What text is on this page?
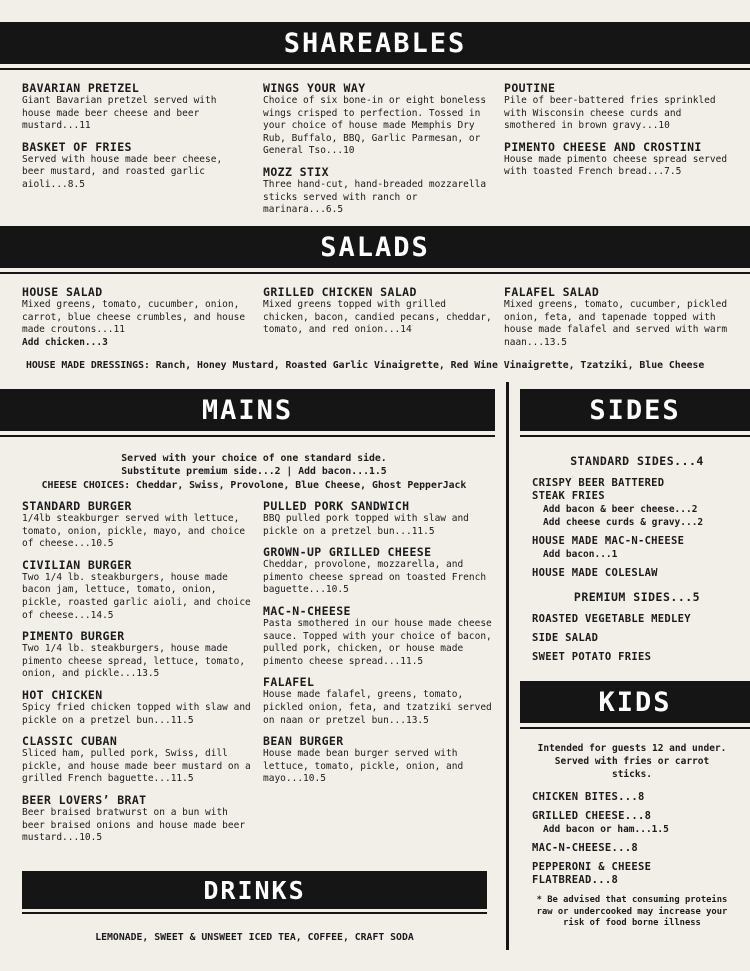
SHAREABLES
BAVARIAN PRETZEL
Giant Bavarian pretzel served with house made beer cheese and beer mustard...11
BASKET OF FRIES
Served with house made beer cheese, beer mustard, and roasted garlic aioli...8.5
WINGS YOUR WAY
Choice of six bone-in or eight boneless wings crisped to perfection. Tossed in your choice of house made Memphis Dry Rub, Buffalo, BBQ, Garlic Parmesan, or General Tso...10
MOZZ STIX
Three hand-cut, hand-breaded mozzarella sticks served with ranch or marinara...6.5
POUTINE
Pile of beer-battered fries sprinkled with Wisconsin cheese curds and smothered in brown gravy...10
PIMENTO CHEESE AND CROSTINI
House made pimento cheese spread served with toasted French bread...7.5
SALADS
HOUSE SALAD
Mixed greens, tomato, cucumber, onion, carrot, blue cheese crumbles, and house made croutons...11
Add chicken...3
GRILLED CHICKEN SALAD
Mixed greens topped with grilled chicken, bacon, candied pecans, cheddar, tomato, and red onion...14
FALAFEL SALAD
Mixed greens, tomato, cucumber, pickled onion, feta, and tapenade topped with house made falafel and served with warm naan...13.5
HOUSE MADE DRESSINGS: Ranch, Honey Mustard, Roasted Garlic Vinaigrette, Red Wine Vinaigrette, Tzatziki, Blue Cheese
MAINS
Served with your choice of one standard side.
Substitute premium side...2 | Add bacon...1.5
CHEESE CHOICES: Cheddar, Swiss, Provolone, Blue Cheese, Ghost PepperJack
STANDARD BURGER
1/4lb steakburger served with lettuce, tomato, onion, pickle, mayo, and choice of cheese...10.5
CIVILIAN BURGER
Two 1/4 lb. steakburgers, house made bacon jam, lettuce, tomato, onion, pickle, roasted garlic aioli, and choice of cheese...14.5
PIMENTO BURGER
Two 1/4 lb. steakburgers, house made pimento cheese spread, lettuce, tomato, onion, and pickle...13.5
HOT CHICKEN
Spicy fried chicken topped with slaw and pickle on a pretzel bun...11.5
CLASSIC CUBAN
Sliced ham, pulled pork, Swiss, dill pickle, and house made beer mustard on a grilled French baguette...11.5
BEER LOVERS’ BRAT
Beer braised bratwurst on a bun with beer braised onions and house made beer mustard...10.5
PULLED PORK SANDWICH
BBQ pulled pork topped with slaw and pickle on a pretzel bun...11.5
GROWN-UP GRILLED CHEESE
Cheddar, provolone, mozzarella, and pimento cheese spread on toasted French baguette...10.5
MAC-N-CHEESE
Pasta smothered in our house made cheese sauce. Topped with your choice of bacon, pulled pork, chicken, or house made pimento cheese spread...11.5
FALAFEL
House made falafel, greens, tomato, pickled onion, feta, and tzatziki served on naan or pretzel bun...13.5
BEAN BURGER
House made bean burger served with lettuce, tomato, pickle, onion, and mayo...10.5
DRINKS
LEMONADE, SWEET & UNSWEET ICED TEA, COFFEE, CRAFT SODA
SIDES
STANDARD SIDES...4
CRISPY BEER BATTERED STEAK FRIES
Add bacon & beer cheese...2
Add cheese curds & gravy...2
HOUSE MADE MAC-N-CHEESE
Add bacon...1
HOUSE MADE COLESLAW
PREMIUM SIDES...5
ROASTED VEGETABLE MEDLEY
SIDE SALAD
SWEET POTATO FRIES
KIDS
Intended for guests 12 and under. Served with fries or carrot sticks.
CHICKEN BITES...8
GRILLED CHEESE...8
Add bacon or ham...1.5
MAC-N-CHEESE...8
PEPPERONI & CHEESE FLATBREAD...8
* Be advised that consuming proteins raw or undercooked may increase your risk of food borne illness
